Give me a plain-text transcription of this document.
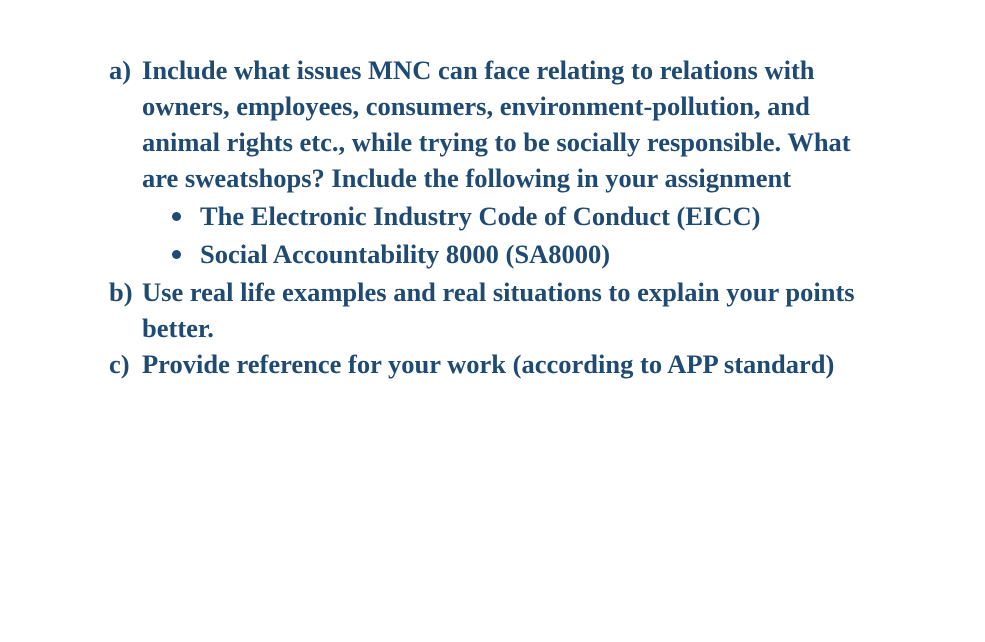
a) Include what issues MNC can face relating to relations with owners, employees, consumers, environment-pollution, and animal rights etc., while trying to be socially responsible. What are sweatshops? Include the following in your assignment

The Electronic Industry Code of Conduct (EICC)
Social Accountability 8000 (SA8000)
b) Use real life examples and real situations to explain your points better.

c) Provide reference for your work (according to APP standard)
